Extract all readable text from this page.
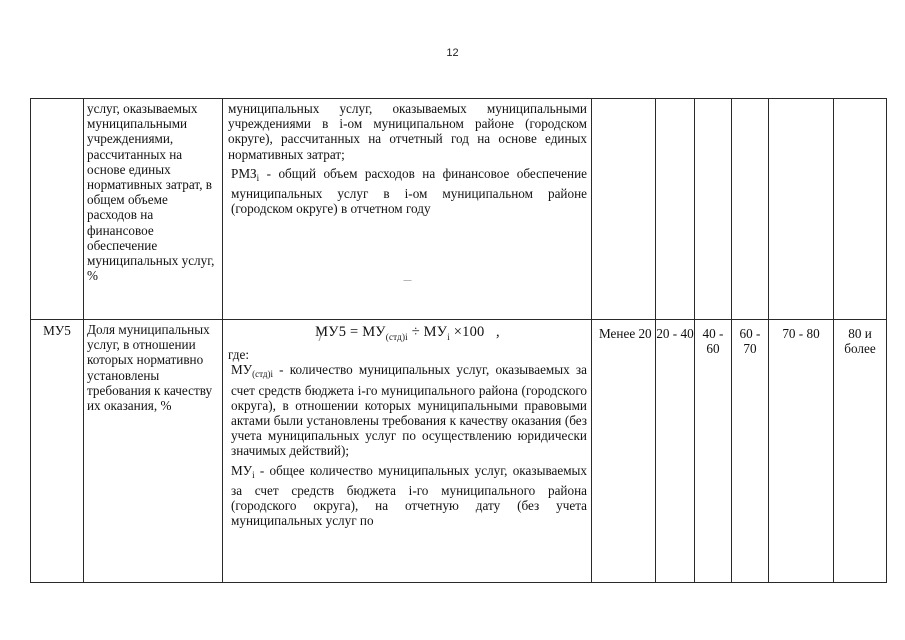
12
	услуг, оказываемых муниципальными учреждениями, рассчитанных на основе единых нормативных затрат, в общем объеме расходов на финансовое обеспечение муниципальных услуг, %	муниципальных услуг, оказываемых муниципальными учреждениями в i-ом муниципальном районе (городском округе), рассчитанных на отчетный год на основе единых нормативных затрат;

$РМЗ_i$ - общий объем расходов на финансовое обеспечение муниципальных услуг в i-ом муниципальном районе (городском округе) в отчетном году

—						

МУ5	Доля муниципальных услуг, в отношении которых нормативно установлены требования к качеству их оказания, %	$МУ5 = МУ_{(стд)i} \div МУ_i \times 100$ ,

где:

$МУ_{(стд)i}$ - количество муниципальных услуг, оказываемых за счет средств бюджета i-го муниципального района (городского округа), в отношении которых муниципальными правовыми актами были установлены требования к качеству оказания (без учета муниципальных услуг по осуществлению юридически значимых действий);

$МУ_i$ - общее количество муниципальных услуг, оказываемых за счет средств бюджета i-го муниципального района (городского округа), на отчетную дату (без учета муниципальных услуг по	Менее 20	20 - 40	40 - 60	60 - 70	70 - 80	80 и более
